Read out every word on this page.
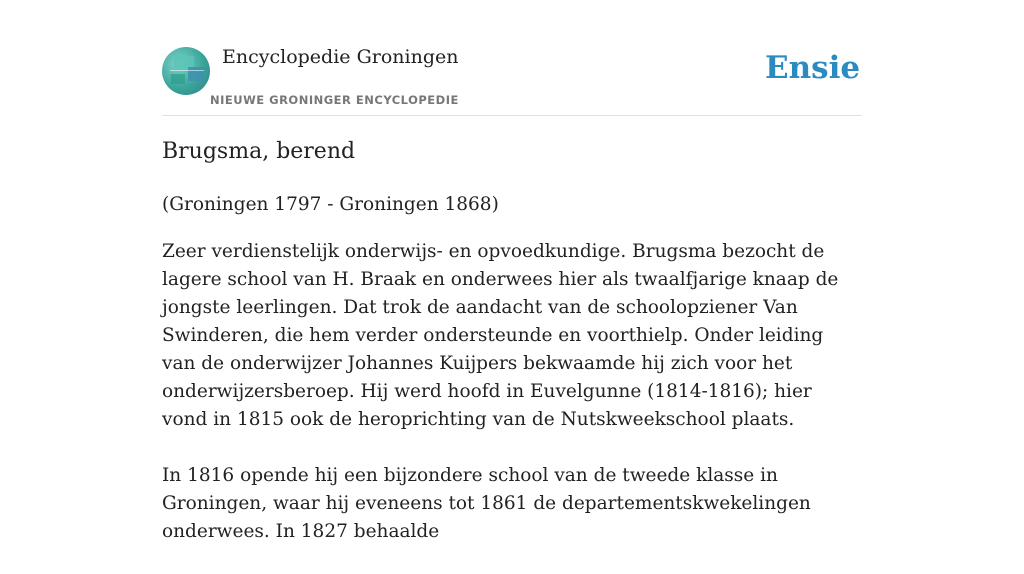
Encyclopedie Groningen
NIEUWE GRONINGER ENCYCLOPEDIE
Ensie
Brugsma, berend
(Groningen 1797 - Groningen 1868)

Zeer verdienstelijk onderwijs- en opvoedkundige. Brugsma bezocht de lagere school van H. Braak en onderwees hier als twaalfjarige knaap de jongste leerlingen. Dat trok de aandacht van de schoolopziener Van Swinderen, die hem verder ondersteunde en voorthielp. Onder leiding van de onderwijzer Johannes Kuijpers bekwaamde hij zich voor het onderwijzersberoep. Hij werd hoofd in Euvelgunne (1814-1816); hier vond in 1815 ook de heroprichting van de Nutskweekschool plaats.

In 1816 opende hij een bijzondere school van de tweede klasse in Groningen, waar hij eveneens tot 1861 de departementskwekelingen onderwees. In 1827 behaalde
